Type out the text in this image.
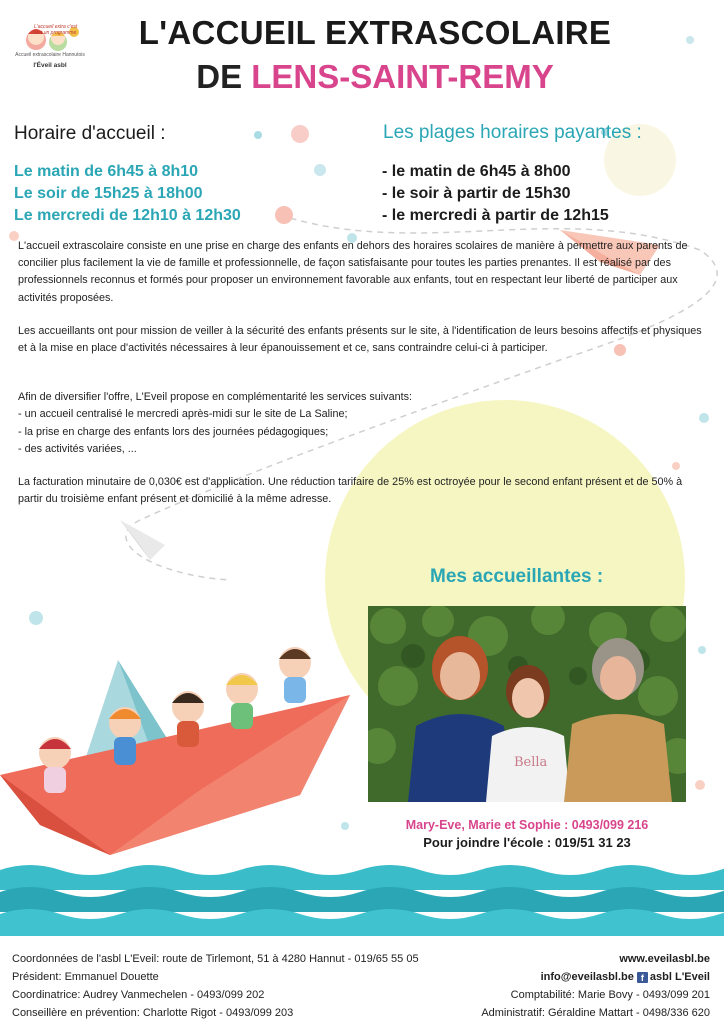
L'accueil extra c'est tout un programme
Accueil extrascolaire Hannutois
l'Éveil asbl
L'ACCUEIL EXTRASCOLAIRE
DE LENS-SAINT-REMY
Horaire d'accueil :
Le matin de 6h45 à 8h10
Le soir de 15h25 à 18h00
Le mercredi de 12h10 à 12h30
Les plages horaires payantes :
- le matin de 6h45 à 8h00
- le soir à partir de 15h30
- le mercredi à partir de 12h15

L'accueil extrascolaire consiste en une prise en charge des enfants en dehors des horaires scolaires de manière à permettre aux parents de concilier plus facilement la vie de famille et professionnelle, de façon satisfaisante pour toutes les parties prenantes. Il est réalisé par des professionnels reconnus et formés pour proposer un environnement favorable aux enfants, tout en respectant leur liberté de participer aux activités proposées.

Les accueillants ont pour mission de veiller à la sécurité des enfants présents sur le site, à l'identification de leurs besoins affectifs et physiques et à la mise en place d'activités nécessaires à leur épanouissement et ce, sans contraindre celui-ci à participer.

Afin de diversifier l'offre, L'Eveil propose en complémentarité les services suivants:
- un accueil centralisé le mercredi après-midi sur le site de La Saline;
- la prise en charge des enfants lors des journées pédagogiques;
- des activités variées, ...

La facturation minutaire de 0,030€ est d'application. Une réduction tarifaire de 25% est octroyée pour le second enfant présent et de 50% à partir du troisième enfant présent et domicilié à la même adresse.

Mes accueillantes :
Bella
Mary-Eve, Marie et Sophie : 0493/099 216
Pour joindre l'école : 019/51 31 23
Coordonnées de l'asbl L'Eveil: route de Tirlemont, 51 à 4280 Hannut - 019/65 55 05
Président: Emmanuel Douette
Coordinatrice: Audrey Vanmechelen - 0493/099 202
Conseillère en prévention: Charlotte Rigot - 0493/099 203
www.eveilasbl.be
info@eveilasbl.be f asbl L'Eveil
Comptabilité: Marie Bovy - 0493/099 201
Administratif: Géraldine Mattart - 0498/336 620
